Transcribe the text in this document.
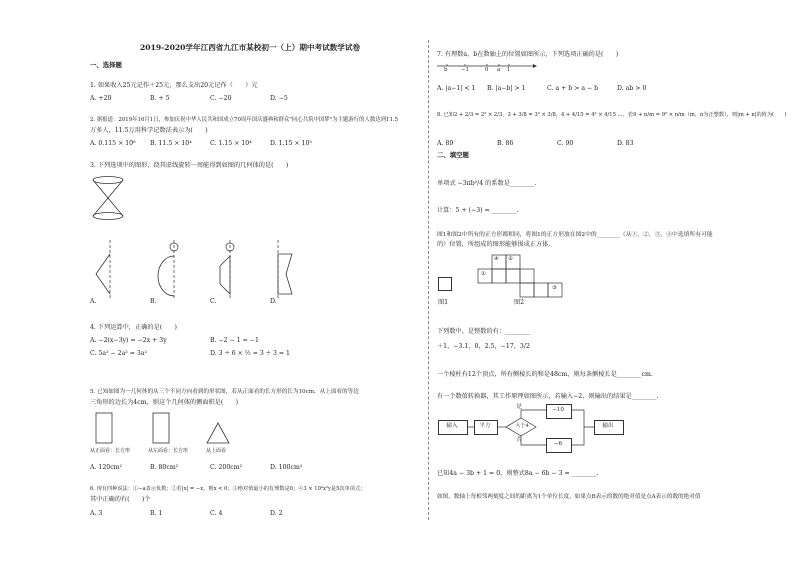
2019-2020学年江西省九江市某校初一（上）期中考试数学试卷
一、选择题
1. 如果收入25元记作＋25元，那么支出20元记作（　　）元
A. +20	B. + 5	C. −20	D. −5
2. 据报道：2019年10月1日，参加庆祝中华人民共和国成立70周年国庆盛典和群众"同心共筑中国梦"为主题游行的人数达到11.5
万多人，11.5万用科学记数法表示为(　　)
A. 0.115 × 10⁶ B. 11.5 × 10⁴	C. 1.15 × 10⁴	D. 1.15 × 10⁵
3. 下列选项中的图形，绕其虚线旋转一周能得到如图的几何体的是(　　)
A.	B.	C.	D.
4. 下列运算中，正确的是(　　)
A. −2(x−3y) = −2x + 3y	B. −2 − 1 = −1
C. 5a² − 2a² = 3a²	D. 3 ÷ 6 × ½ = 3 ÷ 3 = 1
5. 已知如图为一几何体的从三个不同方向看到的形状图，若从正面看的长方形的长为10cm，从上面看的等边
三角形的边长为4cm，则这个几何体的侧面积是(　　)
从正面看：长方形	从左面看：长方形	从上面看
A. 120cm²	B. 80cm²	C. 200cm²	D. 100cm²
6. 现有四种说法：①−a表示负数；②若|x| = −x，则x < 0；③绝对值最小的有理数是0；④3 × 10²x²y是5次单项式；
其中正确的有(　　)个
A. 3	B. 1	C. 4	D. 2
7. 有理数a，b在数轴上的位置如图所示，下列选项正确的是(　　)
b	−1	0 a 1
A. |a−1| < 1 B. |a−b| > 1	C. a + b > a − b	D. ab > 0
8. 已知2 + 2/3 = 2² × 2/3，3 + 3/8 = 3² × 3/8，4 + 4/15 = 4² × 4/15 …，若9 + n/m = 9² × n/m（m，n为正整数），则|m + n|的值为(　　)
A. 89	B. 86	C. 90	D. 83
二、填空题
单项式 −3πb²/4 的系数是________.
计算：5 + (−3) = ________.
图1和图2中所有的正方形都相同，将图1的正方形放在图2中的________（从①，②，③，④中选填所有可能
的）位置，所组成的图形能够围成正方体.
图1
④ ②
①
③
图2
下列数中，是整数的有：________
＋1，−3.1，0，2.5，−17，3/2
一个棱柱有12个顶点，所有侧棱长的和是48cm，则每条侧棱长是________cm.
有一个数值转换器，其工作原理如图所示，若输入−2，则输出的结果是________.
输入	平方	大于4
是
否
−10
−6
输出
已知4a − 3b + 1 = 0，则整式8a − 6b − 3 = ________.
如图，数轴上每相邻两刻度之间的距离为1个单位长度，如果点B表示的数的绝对值是点A表示的数的绝对值
